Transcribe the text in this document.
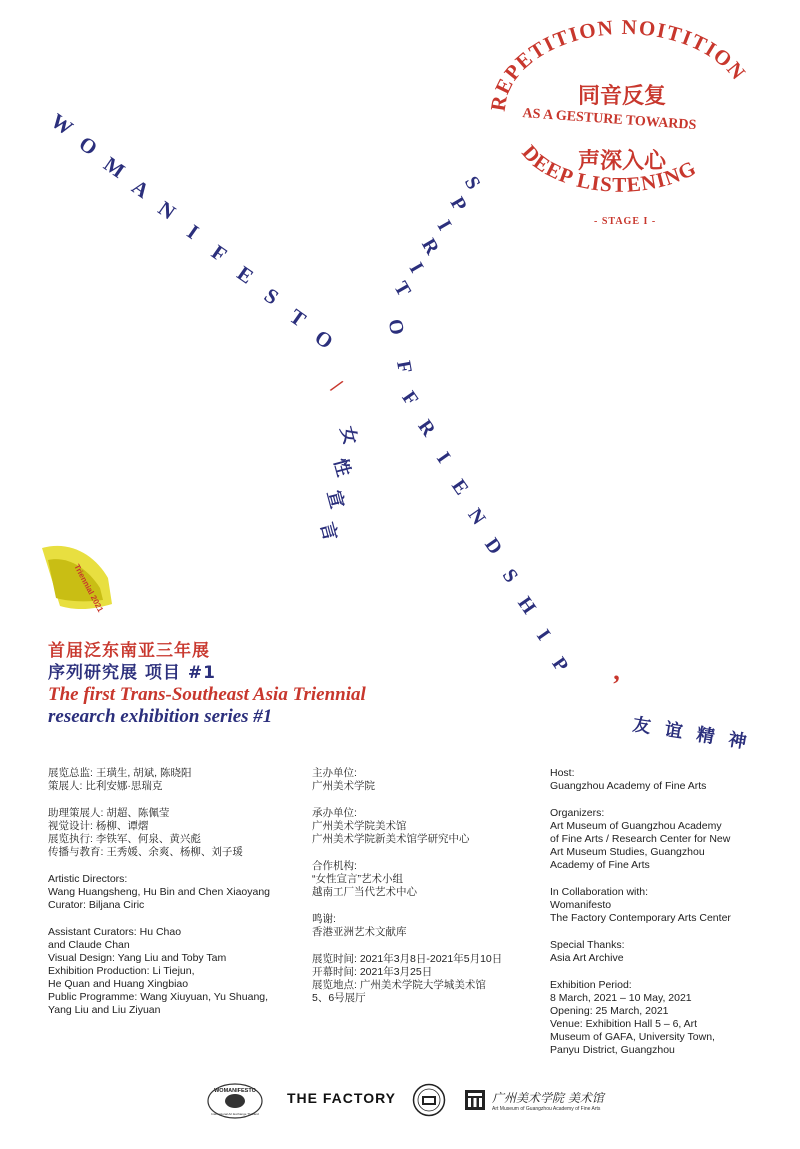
W
O
M
A
N
I
F
E
S
T
O
/
女
性
宣
言
S
P
I
R
I
T
O
F
F
R
I
E
N
D
S
H
I
P
’
友 谊 精 神
REPETITION NOITITION
同音反复
AS A GESTURE TOWARDS
声深入心
DEEP LISTENING
- STAGE I -
Triennial 2021
首届泛东南亚三年展
序列研究展 项目 #1
The first Trans-Southeast Asia Triennial
research exhibition series #1

展览总监: 王璜生, 胡斌, 陈晓阳
策展人: 比利安娜·思瑞克

助理策展人: 胡超、陈佩莹
视觉设计: 杨柳、谭熠
展览执行: 李铁军、何泉、黄兴彪
传播与教育: 王秀媛、余爽、杨柳、刘子瑗

Artistic Directors:
Wang Huangsheng, Hu Bin and Chen Xiaoyang
Curator: Biljana Ciric

Assistant Curators: Hu Chao
and Claude Chan
Visual Design: Yang Liu and Toby Tam
Exhibition Production: Li Tiejun,
He Quan and Huang Xingbiao
Public Programme: Wang Xiuyuan, Yu Shuang,
Yang Liu and Liu Ziyuan

主办单位:
广州美术学院

承办单位:
广州美术学院美术馆
广州美术学院新美术馆学研究中心

合作机构:
“女性宣言”艺术小组
越南工厂当代艺术中心

鸣谢:
香港亚洲艺术文献库

展览时间: 2021年3月8日-2021年5月10日
开幕时间: 2021年3月25日
展览地点: 广州美术学院大学城美术馆
5、6号展厅

Host:
Guangzhou Academy of Fine Arts

Organizers:
Art Museum of Guangzhou Academy
of Fine Arts / Research Center for New
Art Museum Studies, Guangzhou
Academy of Fine Arts

In Collaboration with:
Womanifesto
The Factory Contemporary Arts Center

Special Thanks:
Asia Art Archive

Exhibition Period:
8 March, 2021 – 10 May, 2021
Opening: 25 March, 2021
Venue: Exhibition Hall 5 – 6, Art
Museum of GAFA, University Town,
Panyu District, Guangzhou

WOMANIFESTO
International Art Exchange Thailand
THE FACTORY	广州美术学院 美术馆
Art Museum of Guangzhou Academy of Fine Arts
